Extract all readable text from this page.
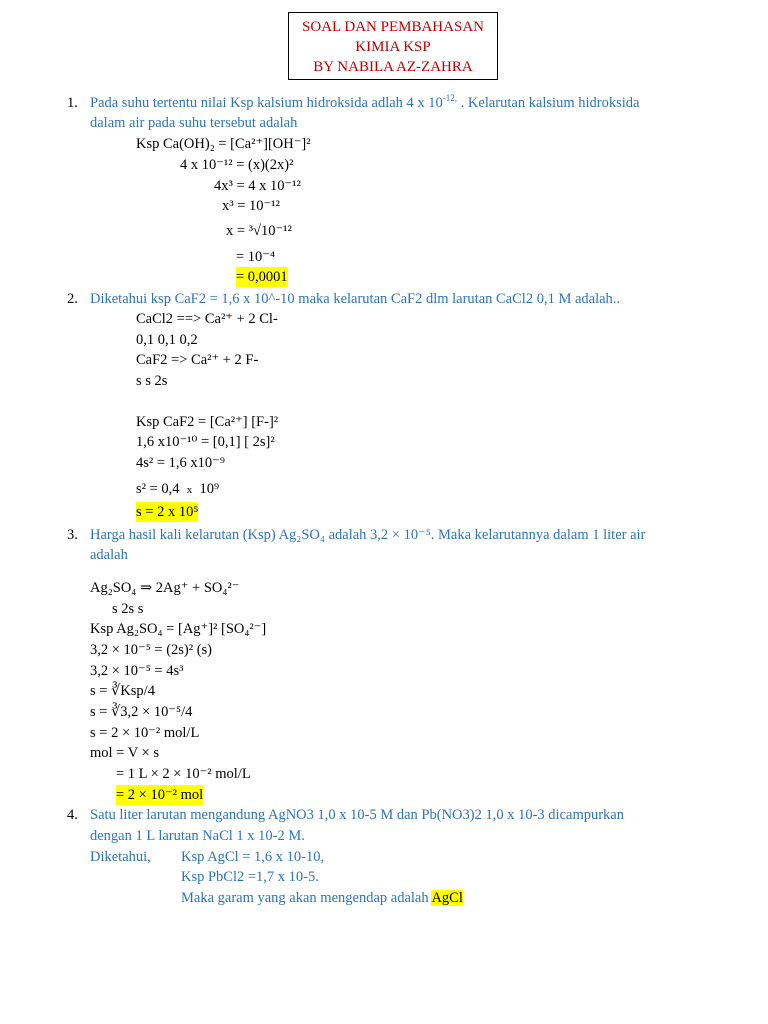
SOAL DAN PEMBAHASAN
KIMIA KSP
BY NABILA AZ-ZAHRA
1. Pada suhu tertentu nilai Ksp kalsium hidroksida adlah 4 x $10^{-12,}$ . Kelarutan kalsium hidroksida
dalam air pada suhu tersebut adalah
Ksp Ca(OH)₂ = [Ca²⁺][OH⁻]²
4 x 10⁻¹² = (x)(2x)²
4x³ = 4 x 10⁻¹²
x³ = 10⁻¹²
x = ³√10⁻¹²
= 10⁻⁴
= 0,0001
2. Diketahui ksp CaF2 = 1,6 x 10^-10 maka kelarutan CaF2 dlm larutan CaCl2 0,1 M adalah..
CaCl2 ==> Ca²⁺ + 2 Cl-
0,1 0,1 0,2
CaF2 => Ca²⁺ + 2 F-
s s 2s
Ksp CaF2 = [Ca²⁺] [F-]²
1,6 x10⁻¹⁰ = [0,1] [ 2s]²
4s² = 1,6 x10⁻⁹
s² = 0,4 x 10⁹
s = 2 x 10⁵
3. Harga hasil kali kelarutan (Ksp) Ag₂SO₄ adalah 3,2 × 10⁻⁵. Maka kelarutannya dalam 1 liter air
adalah
Ag₂SO₄ ⇒ 2Ag⁺ + SO₄²⁻
s 2s s
Ksp Ag₂SO₄ = [Ag⁺]² [SO₄²⁻]
3,2 × 10⁻⁵ = (2s)² (s)
3,2 × 10⁻⁵ = 4s³
s = ∛Ksp/4
s = ∛3,2 × 10⁻⁵/4
s = 2 × 10⁻² mol/L
mol = V × s
= 1 L × 2 × 10⁻² mol/L
= 2 × 10⁻² mol
4. Satu liter larutan mengandung AgNO3 1,0 x 10-5 M dan Pb(NO3)2 1,0 x 10-3 dicampurkan
dengan 1 L larutan NaCl 1 x 10-2 M.
Diketahui, Ksp AgCl = 1,6 x 10-10,
Ksp PbCl2 =1,7 x 10-5.
Maka garam yang akan mengendap adalah AgCl
